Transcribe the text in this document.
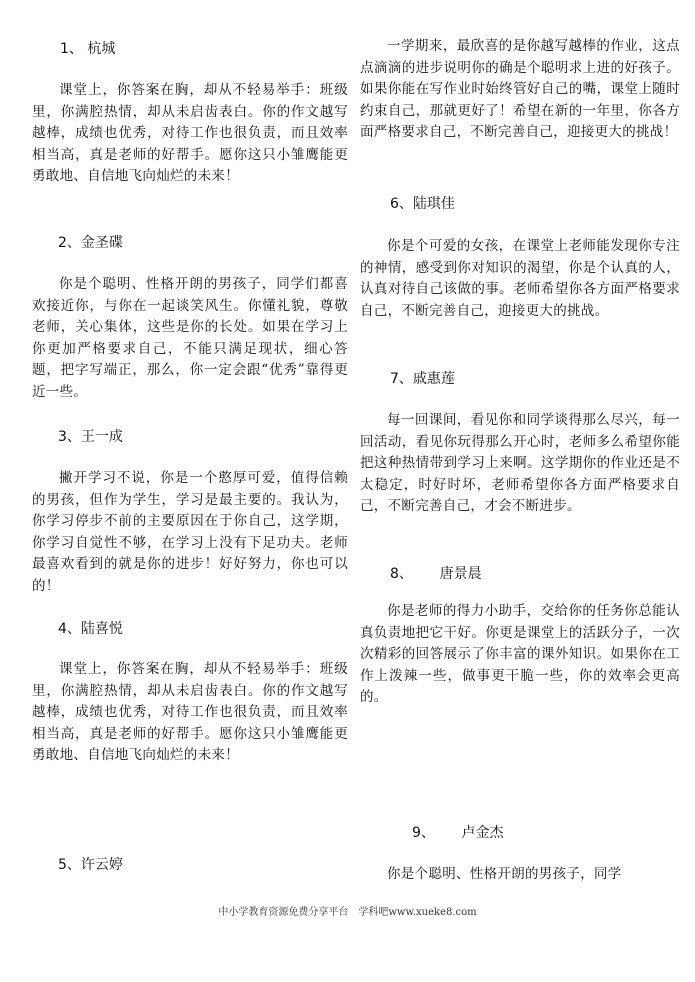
1、 杭城
课堂上，你答案在胸，却从不轻易举手：班级里，你满腔热情，却从未启齿表白。你的作文越写越棒，成绩也优秀，对待工作也很负责，而且效率相当高，真是老师的好帮手。愿你这只小雏鹰能更勇敢地、自信地飞向灿烂的未来！
2、金圣碟
你是个聪明、性格开朗的男孩子，同学们都喜欢接近你，与你在一起谈笑风生。你懂礼貌，尊敬老师，关心集体，这些是你的长处。如果在学习上你更加严格要求自己，不能只满足现状，细心答题，把字写端正，那么，你一定会跟“优秀”靠得更近一些。
3、王一成
撇开学习不说，你是一个憨厚可爱，值得信赖的男孩，但作为学生，学习是最主要的。我认为，你学习停步不前的主要原因在于你自己，这学期，你学习自觉性不够，在学习上没有下足功夫。老师最喜欢看到的就是你的进步！好好努力，你也可以的！
4、陆喜悦
课堂上，你答案在胸，却从不轻易举手：班级里，你满腔热情，却从未启齿表白。你的作文越写越棒，成绩也优秀，对待工作也很负责，而且效率相当高，真是老师的好帮手。愿你这只小雏鹰能更勇敢地、自信地飞向灿烂的未来！
5、许云婷
一学期来，最欣喜的是你越写越棒的作业，这点点滴滴的进步说明你的确是个聪明求上进的好孩子。如果你能在写作业时始终管好自己的嘴，课堂上随时约束自己，那就更好了！希望在新的一年里，你各方面严格要求自己，不断完善自己，迎接更大的挑战！
6、陆琪佳
你是个可爱的女孩，在课堂上老师能发现你专注的神情，感受到你对知识的渴望，你是个认真的人，认真对待自己该做的事。老师希望你各方面严格要求自己，不断完善自己，迎接更大的挑战。
7、戚惠莲
每一回课间，看见你和同学谈得那么尽兴，每一回活动，看见你玩得那么开心时，老师多么希望你能把这种热情带到学习上来啊。这学期你的作业还是不太稳定，时好时坏，老师希望你各方面严格要求自己，不断完善自己，才会不断进步。
8、      唐景晨
你是老师的得力小助手，交给你的任务你总能认真负责地把它干好。你更是课堂上的活跃分子，一次次精彩的回答展示了你丰富的课外知识。如果你在工作上泼辣一些，做事更干脆一些，你的效率会更高的。
9、      卢金杰
你是个聪明、性格开朗的男孩子，同学
中小学教育资源免费分享平台　学科吧www.xueke8.com
